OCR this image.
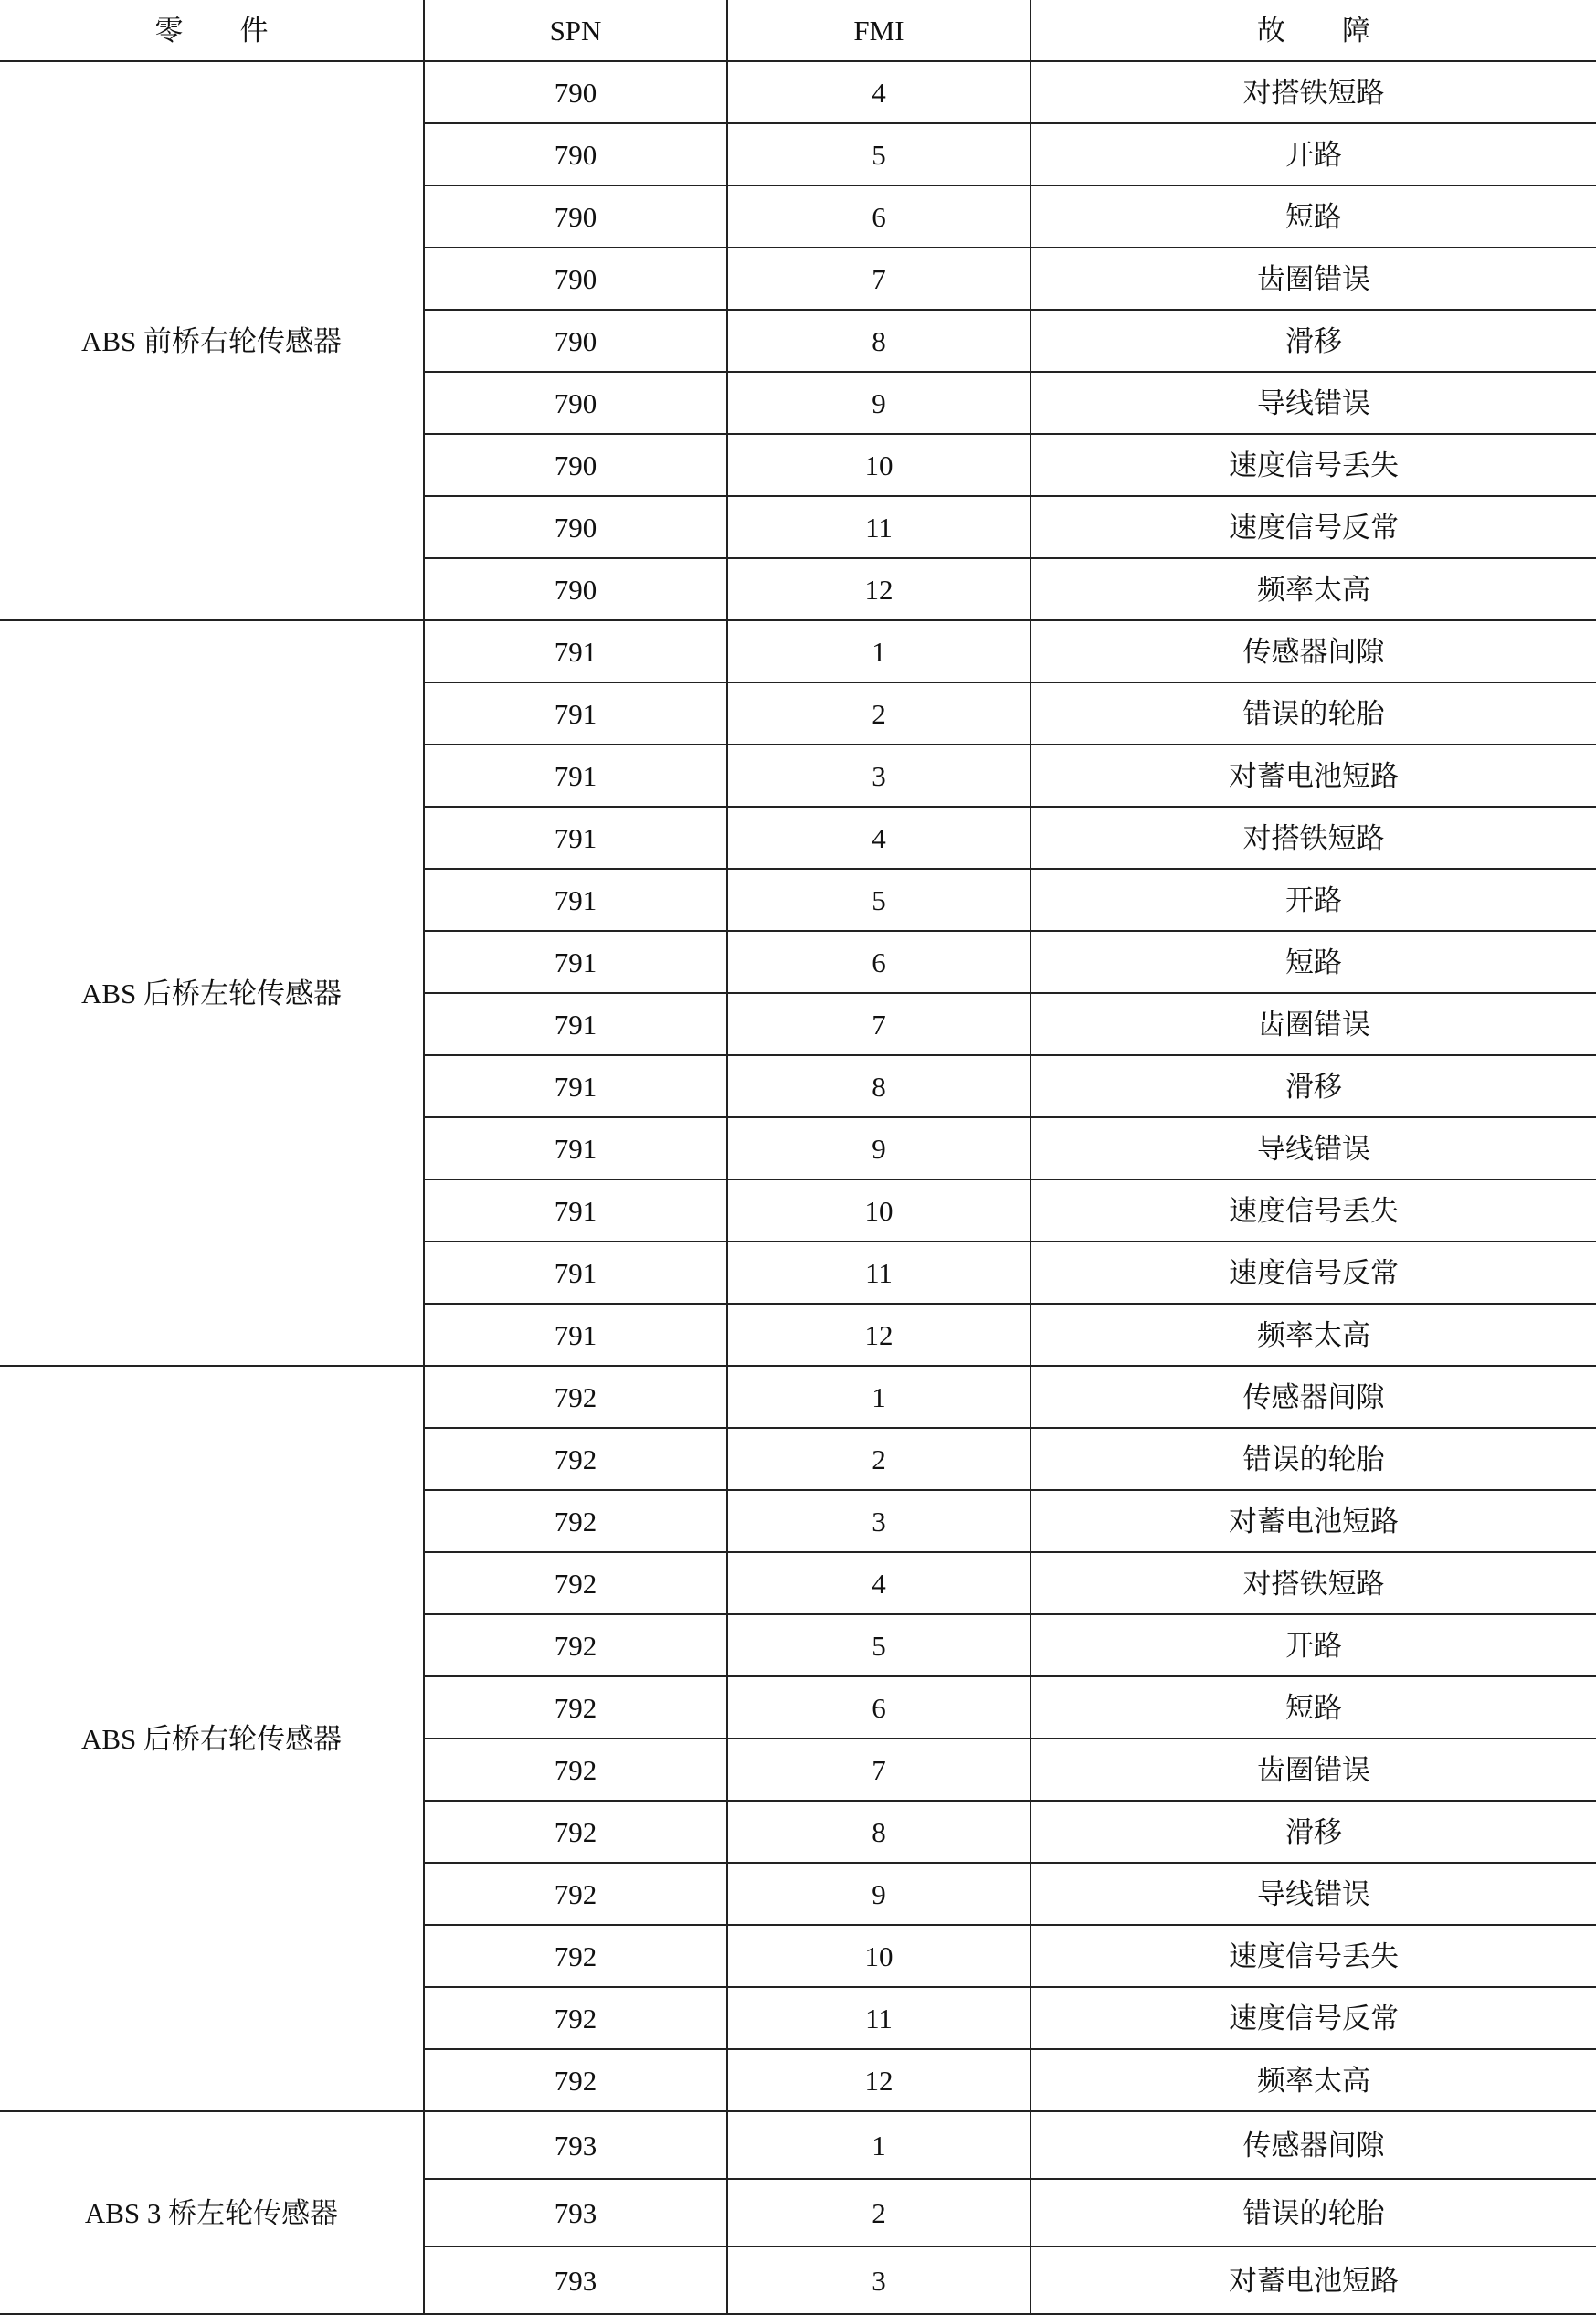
零　　件	SPN	FMI	故　　障
ABS 前桥右轮传感器	790	4	对搭铁短路
	790	5	开路
	790	6	短路
	790	7	齿圈错误
	790	8	滑移
	790	9	导线错误
	790	10	速度信号丢失
	790	11	速度信号反常
	790	12	频率太高
ABS 后桥左轮传感器	791	1	传感器间隙
	791	2	错误的轮胎
	791	3	对蓄电池短路
	791	4	对搭铁短路
	791	5	开路
	791	6	短路
	791	7	齿圈错误
	791	8	滑移
	791	9	导线错误
	791	10	速度信号丢失
	791	11	速度信号反常
	791	12	频率太高
ABS 后桥右轮传感器	792	1	传感器间隙
	792	2	错误的轮胎
	792	3	对蓄电池短路
	792	4	对搭铁短路
	792	5	开路
	792	6	短路
	792	7	齿圈错误
	792	8	滑移
	792	9	导线错误
	792	10	速度信号丢失
	792	11	速度信号反常
	792	12	频率太高
ABS 3 桥左轮传感器	793	1	传感器间隙
	793	2	错误的轮胎
	793	3	对蓄电池短路
